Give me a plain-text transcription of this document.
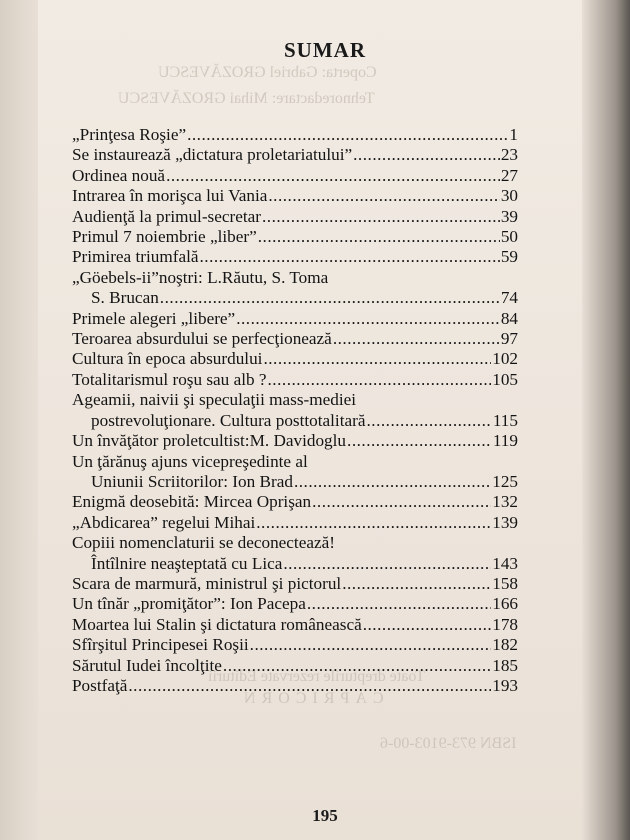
Coperta: Gabriel GROZĂVESCU
Tehnoredactare: Mihai GROZĂVESCU
Toate drepturile rezervate Editurii
CAPRICORN
ISBN 973-9103-00-6
SUMAR
„Prinţesa Roşie” .....	1
Se instaurează „dictatura proletariatului” .....	23
Ordinea nouă .....	27
Intrarea în morişca lui Vania .....	30
Audienţă la primul-secretar .....	39
Primul 7 noiembrie „liber” .....	50
Primirea triumfală .....	59
„Göebels-ii”noştri: L.Răutu, S. Toma
S. Brucan .....	74
Primele alegeri „libere” .....	84
Teroarea absurdului se perfecţionează .....	97
Cultura în epoca absurdului .....	102
Totalitarismul roşu sau alb ? .....	105
Ageamii, naivii şi speculaţii mass-mediei
postrevoluţionare. Cultura posttotalitară .....	115
Un învăţător proletcultist:M. Davidoglu .....	119
Un ţărănuş ajuns vicepreşedinte al
Uniunii Scriitorilor: Ion Brad .....	125
Enigmă deosebită: Mircea Oprişan .....	132
„Abdicarea” regelui Mihai .....	139
Copiii nomenclaturii se deconectează!
Întîlnire neaşteptată cu Lica .....	143
Scara de marmură, ministrul şi pictorul .....	158
Un tînăr „promiţător”: Ion Pacepa .....	166
Moartea lui Stalin şi dictatura românească .....	178
Sfîrşitul Principesei Roşii .....	182
Sărutul Iudei încolţite .....	185
Postfaţă .....	193
195
